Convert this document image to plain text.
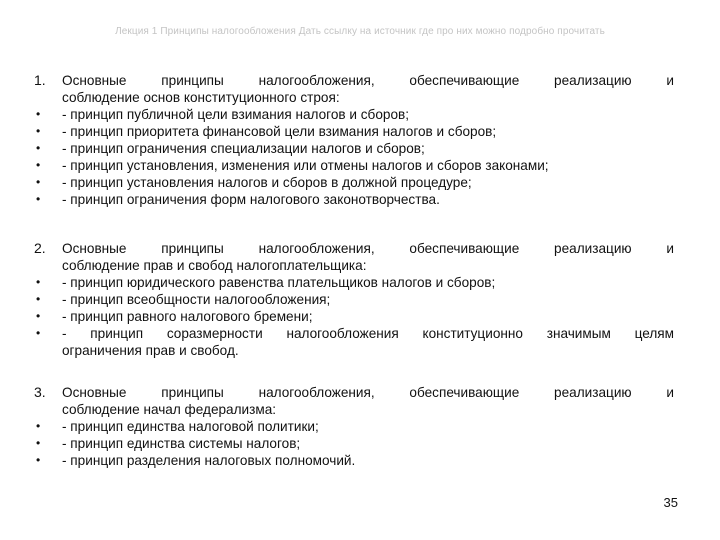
Лекция 1 Принципы налогообложения Дать ссылку на источник где про них можно подробно прочитать
1. Основные принципы налогообложения, обеспечивающие реализацию и
соблюдение основ конституционного строя:
• - принцип публичной цели взимания налогов и сборов;
• - принцип приоритета финансовой цели взимания налогов и сборов;
• - принцип ограничения специализации налогов и сборов;
• - принцип установления, изменения или отмены налогов и сборов законами;
• - принцип установления налогов и сборов в должной процедуре;
• - принцип ограничения форм налогового законотворчества.
2. Основные принципы налогообложения, обеспечивающие реализацию и
соблюдение прав и свобод налогоплательщика:
• - принцип юридического равенства плательщиков налогов и сборов;
• - принцип всеобщности налогообложения;
• - принцип равного налогового бремени;
• - принцип соразмерности налогообложения конституционно значимым целям
ограничения прав и свобод.
3. Основные принципы налогообложения, обеспечивающие реализацию и
соблюдение начал федерализма:
• - принцип единства налоговой политики;
• - принцип единства системы налогов;
• - принцип разделения налоговых полномочий.
35
